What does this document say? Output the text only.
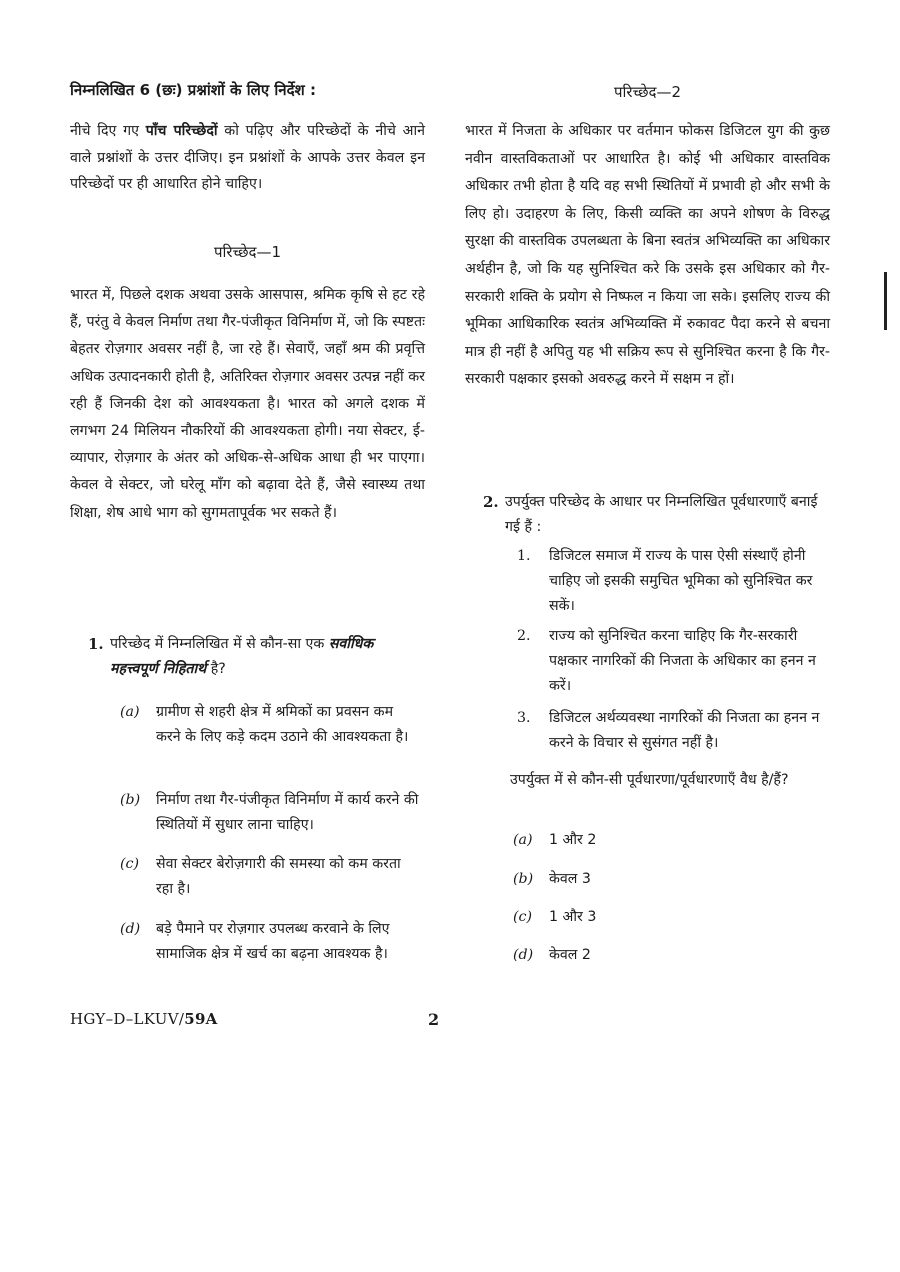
निम्नलिखित 6 (छः) प्रश्नांशों के लिए निर्देश :

नीचे दिए गए पाँच परिच्छेदों को पढ़िए और परिच्छेदों के नीचे आने वाले प्रश्नांशों के उत्तर दीजिए। इन प्रश्नांशों के आपके उत्तर केवल इन परिच्छेदों पर ही आधारित होने चाहिए।

परिच्छेद—1

भारत में, पिछले दशक अथवा उसके आसपास, श्रमिक कृषि से हट रहे हैं, परंतु वे केवल निर्माण तथा गैर-पंजीकृत विनिर्माण में, जो कि स्पष्टतः बेहतर रोज़गार अवसर नहीं है, जा रहे हैं। सेवाएँ, जहाँ श्रम की प्रवृत्ति अधिक उत्पादनकारी होती है, अतिरिक्त रोज़गार अवसर उत्पन्न नहीं कर रही हैं जिनकी देश को आवश्यकता है। भारत को अगले दशक में लगभग 24 मिलियन नौकरियों की आवश्यकता होगी। नया सेक्टर, ई-व्यापार, रोज़गार के अंतर को अधिक-से-अधिक आधा ही भर पाएगा। केवल वे सेक्टर, जो घरेलू माँग को बढ़ावा देते हैं, जैसे स्वास्थ्य तथा शिक्षा, शेष आधे भाग को सुगमतापूर्वक भर सकते हैं।

1. परिच्छेद में निम्नलिखित में से कौन-सा एक सर्वाधिक महत्त्वपूर्ण निहितार्थ है?
(a) ग्रामीण से शहरी क्षेत्र में श्रमिकों का प्रवसन कम करने के लिए कड़े कदम उठाने की आवश्यकता है।
(b) निर्माण तथा गैर-पंजीकृत विनिर्माण में कार्य करने की स्थितियों में सुधार लाना चाहिए।
(c) सेवा सेक्टर बेरोज़गारी की समस्या को कम करता रहा है।
(d) बड़े पैमाने पर रोज़गार उपलब्ध करवाने के लिए सामाजिक क्षेत्र में खर्च का बढ़ना आवश्यक है।
परिच्छेद—2

भारत में निजता के अधिकार पर वर्तमान फोकस डिजिटल युग की कुछ नवीन वास्तविकताओं पर आधारित है। कोई भी अधिकार वास्तविक अधिकार तभी होता है यदि वह सभी स्थितियों में प्रभावी हो और सभी के लिए हो। उदाहरण के लिए, किसी व्यक्ति का अपने शोषण के विरुद्ध सुरक्षा की वास्तविक उपलब्धता के बिना स्वतंत्र अभिव्यक्ति का अधिकार अर्थहीन है, जो कि यह सुनिश्चित करे कि उसके इस अधिकार को गैर-सरकारी शक्ति के प्रयोग से निष्फल न किया जा सके। इसलिए राज्य की भूमिका आधिकारिक स्वतंत्र अभिव्यक्ति में रुकावट पैदा करने से बचना मात्र ही नहीं है अपितु यह भी सक्रिय रूप से सुनिश्चित करना है कि गैर-सरकारी पक्षकार इसको अवरुद्ध करने में सक्षम न हों।

2. उपर्युक्त परिच्छेद के आधार पर निम्नलिखित पूर्वधारणाएँ बनाई गई हैं :
1. डिजिटल समाज में राज्य के पास ऐसी संस्थाएँ होनी चाहिए जो इसकी समुचित भूमिका को सुनिश्चित कर सकें।
2. राज्य को सुनिश्चित करना चाहिए कि गैर-सरकारी पक्षकार नागरिकों की निजता के अधिकार का हनन न करें।
3. डिजिटल अर्थव्यवस्था नागरिकों की निजता का हनन न करने के विचार से सुसंगत नहीं है।
उपर्युक्त में से कौन-सी पूर्वधारणा/पूर्वधारणाएँ वैध है/हैं?
(a) 1 और 2
(b) केवल 3
(c) 1 और 3
(d) केवल 2
HGY–D–LKUV/59A	2
